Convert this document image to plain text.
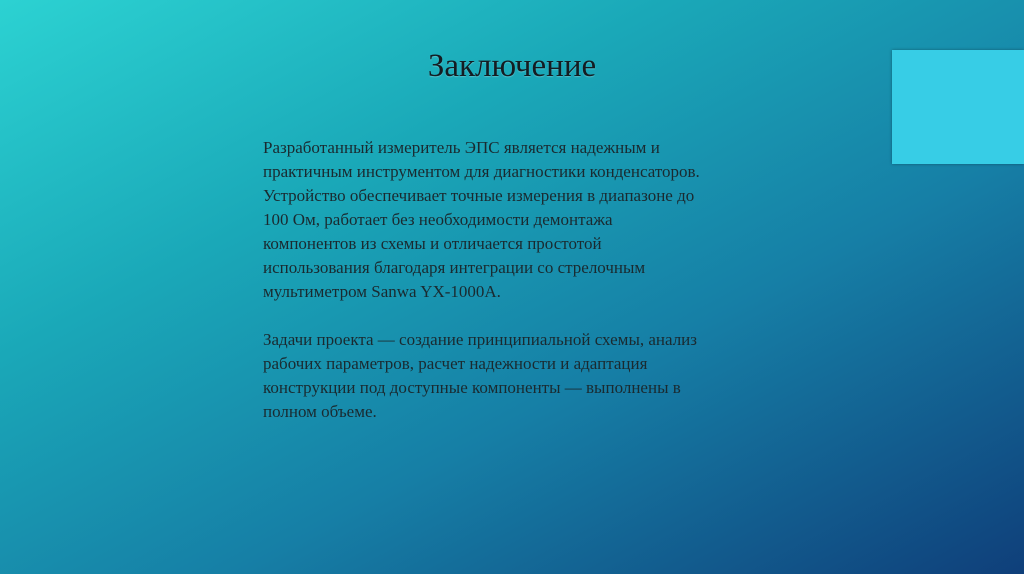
Заключение

Разработанный измеритель ЭПС является надежным и
практичным инструментом для диагностики конденсаторов.
Устройство обеспечивает точные измерения в диапазоне до
100 Ом, работает без необходимости демонтажа
компонентов из схемы и отличается простотой
использования благодаря интеграции со стрелочным
мультиметром Sanwa YX-1000A.

Задачи проекта — создание принципиальной схемы, анализ
рабочих параметров, расчет надежности и адаптация
конструкции под доступные компоненты — выполнены в
полном объеме.
